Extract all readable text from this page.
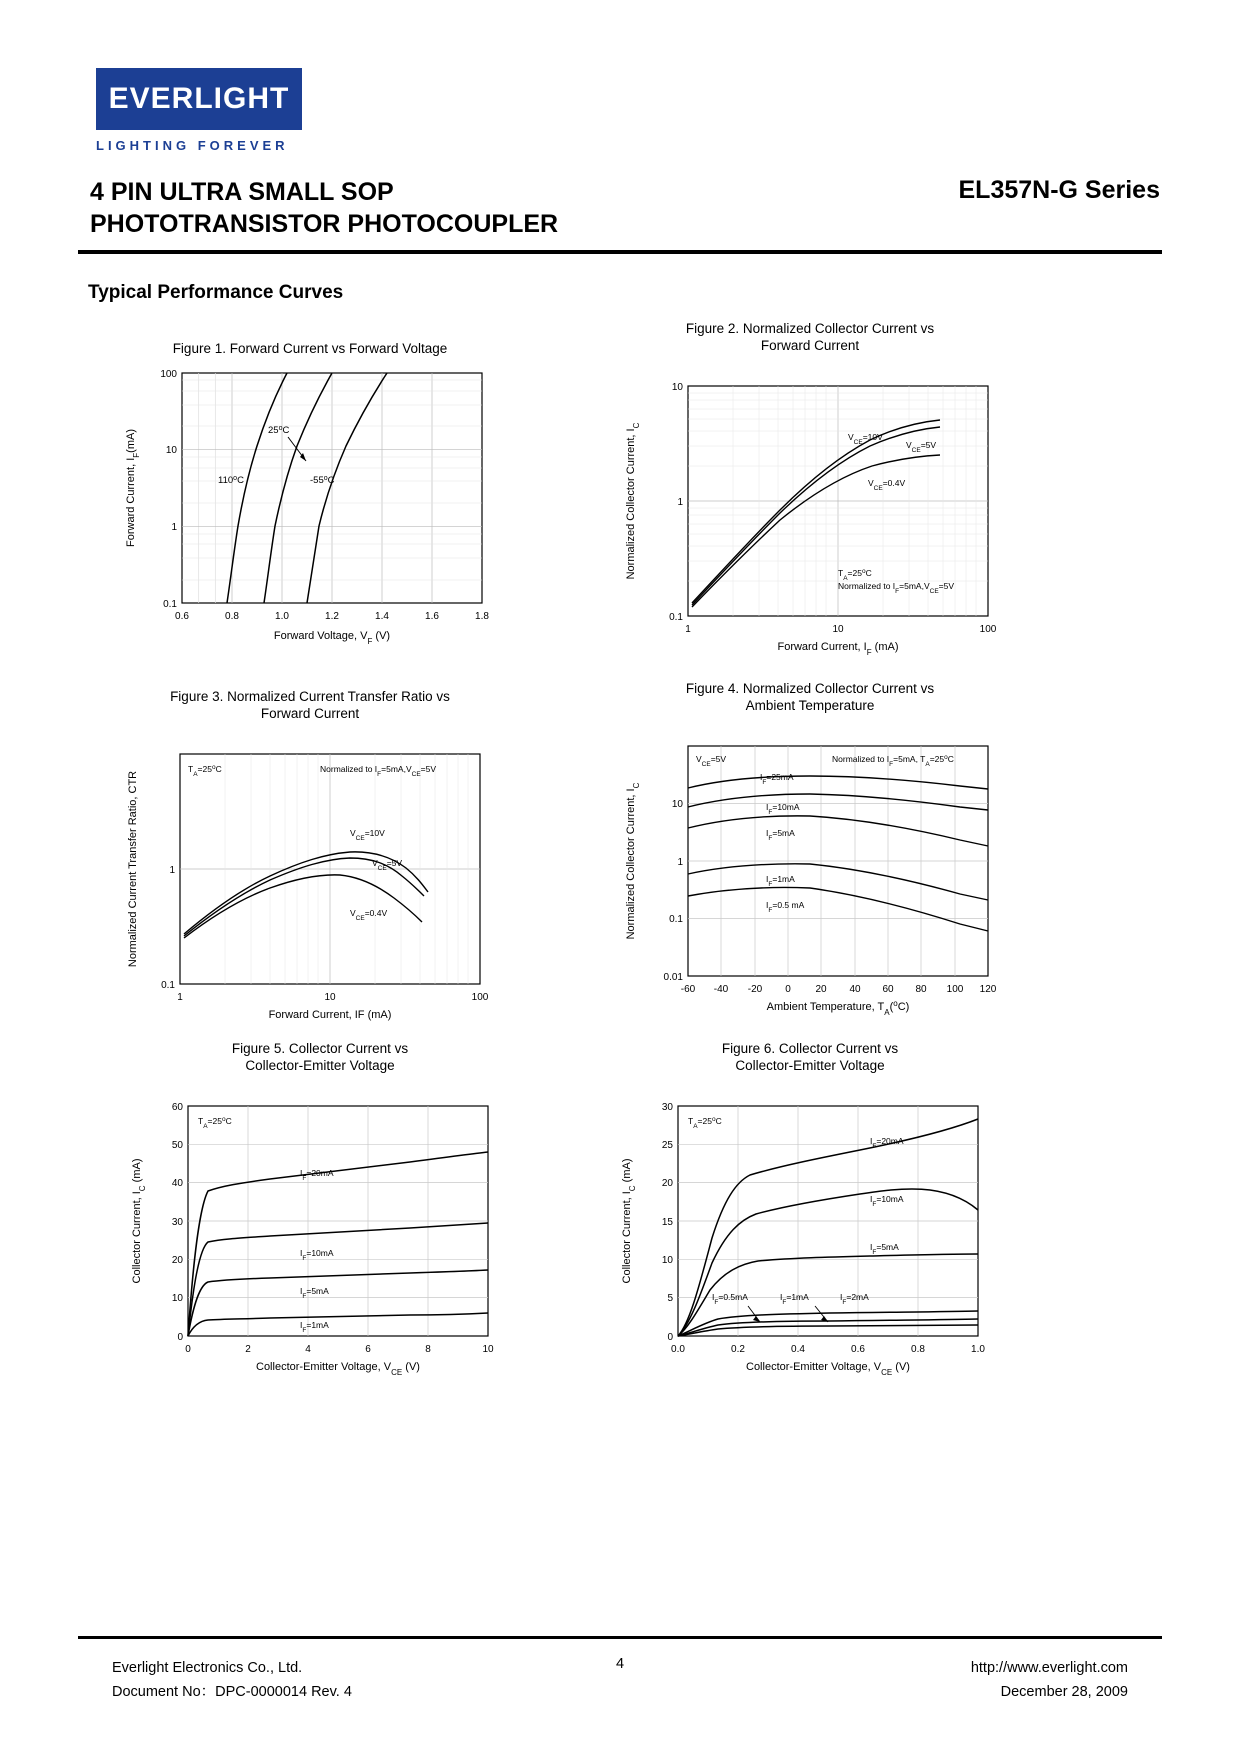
EVERLIGHT
LIGHTING FOREVER
4 PIN ULTRA SMALL SOP
PHOTOTRANSISTOR PHOTOCOUPLER
EL357N-G Series
Typical Performance Curves
Figure 1. Forward Current vs Forward Voltage
25$^o$C
110$^o$C	-55$^o$C
100
10
1
0.1
0.6	0.8	1.0	1.2	1.4	1.6	1.8
Forward Voltage, $V_F$ (V)
Forward Current, $I_F(mA)$
Figure 2. Normalized Collector Current vs
Forward Current
$V_{CE}=10V$
$V_{CE}=5V$
$V_{CE}=0.4V$
$T_A=25^oC$
Normalized to $I_F=5mA,V_{CE}=5V$
10
1
0.1
1	10	100
Forward Current, $I_F$ (mA)
Normalized Collector Current, $I_C$
Figure 3. Normalized Current Transfer Ratio vs
Forward Current
$T_A=25^oC$	Normalized to $I_F=5mA,V_{CE}=5V$
$V_{CE}=10V$
$V_{CE}=5V$
$V_{CE}=0.4V$
1
0.1
1	10	100
Forward Current, IF (mA)
Normalized Current Transfer Ratio, CTR
Figure 4. Normalized Collector Current vs
Ambient Temperature
$V_{CE}=5V$	Normalized to $I_F=5mA$, $T_A=25^oC$
$I_F=25mA$
$I_F=10mA$
$I_F=5mA$
$I_F=1mA$
$I_F=0.5$ mA
10
1
0.1
0.01
-60 -40 -20 0 20 40 60 80 100 120
Ambient Temperature, $T_A(^oC)$
Normalized Collector Current, $I_C$
Figure 5. Collector Current vs
Collector-Emitter Voltage
$T_A=25^oC$
$I_F=20mA$
$I_F=10mA$
$I_F=5mA$
$I_F=1mA$
60
50
40
30
20
10
0
0	2	4	6	8	10
Collector-Emitter Voltage, $V_{CE}$ (V)
Collector Current, $I_C$ (mA)
Figure 6. Collector Current vs
Collector-Emitter Voltage
$T_A=25^oC$
$I_F=20mA$
$I_F=10mA$
$I_F=5mA$
$I_F=0.5mA$	$I_F=1mA$	$I_F=2mA$
30
25
20
15
10
5
0
0.0	0.2	0.4	0.6	0.8	1.0
Collector-Emitter Voltage, $V_{CE}$ (V)
Collector Current, $I_C$ (mA)
Everlight Electronics Co., Ltd.
Document No：DPC-0000014 Rev. 4
4	http://www.everlight.com
December 28, 2009
